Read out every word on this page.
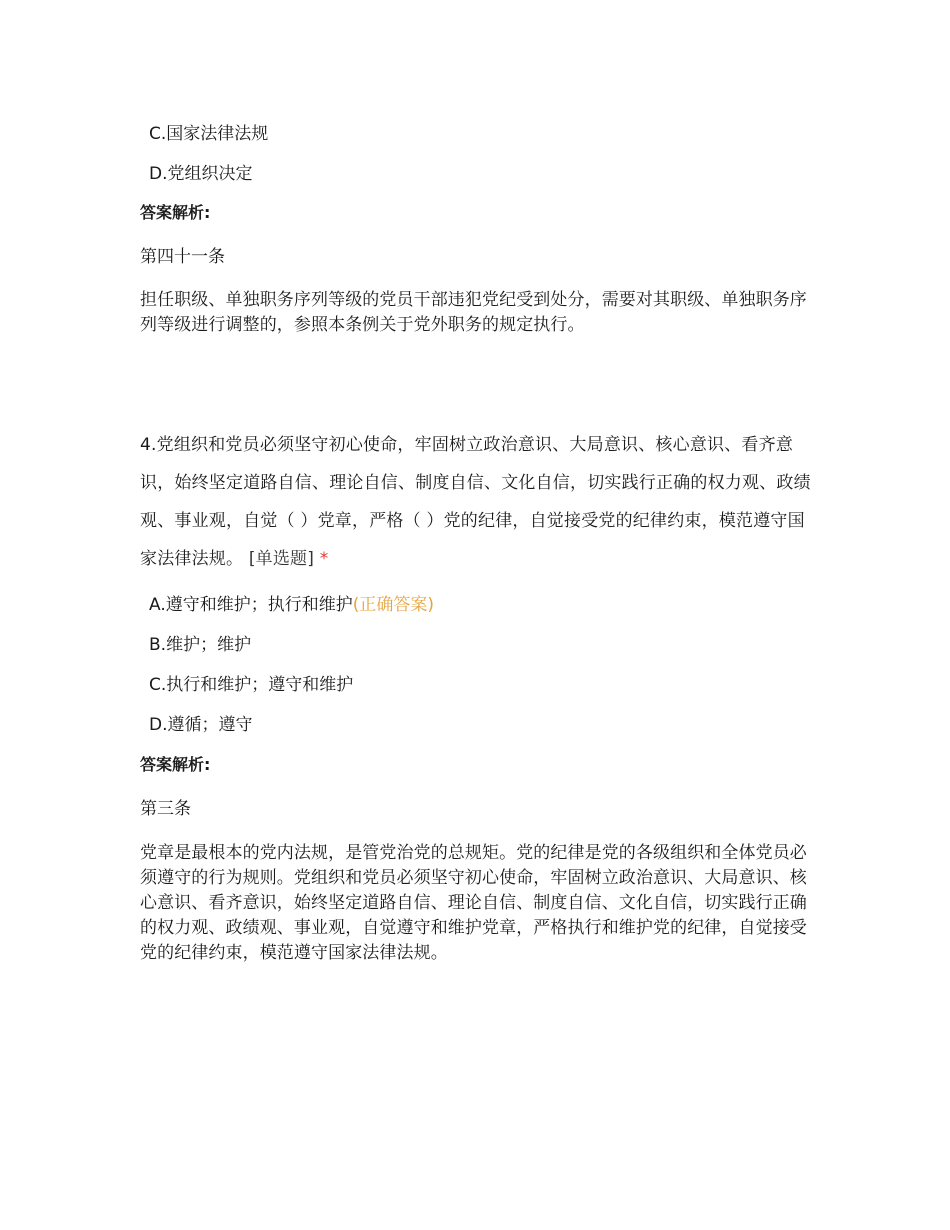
C.国家法律法规
D.党组织决定
答案解析:
第四十一条
担任职级、单独职务序列等级的党员干部违犯党纪受到处分，需要对其职级、单独职务序列等级进行调整的，参照本条例关于党外职务的规定执行。
4.党组织和党员必须坚守初心使命，牢固树立政治意识、大局意识、核心意识、看齐意识，始终坚定道路自信、理论自信、制度自信、文化自信，切实践行正确的权力观、政绩观、事业观，自觉（ ）党章，严格（ ）党的纪律，自觉接受党的纪律约束，模范遵守国家法律法规。 [单选题] *
A.遵守和维护；执行和维护(正确答案)
B.维护；维护
C.执行和维护；遵守和维护
D.遵循；遵守
答案解析:
第三条
党章是最根本的党内法规，是管党治党的总规矩。党的纪律是党的各级组织和全体党员必须遵守的行为规则。党组织和党员必须坚守初心使命，牢固树立政治意识、大局意识、核心意识、看齐意识，始终坚定道路自信、理论自信、制度自信、文化自信，切实践行正确的权力观、政绩观、事业观，自觉遵守和维护党章，严格执行和维护党的纪律，自觉接受党的纪律约束，模范遵守国家法律法规。
